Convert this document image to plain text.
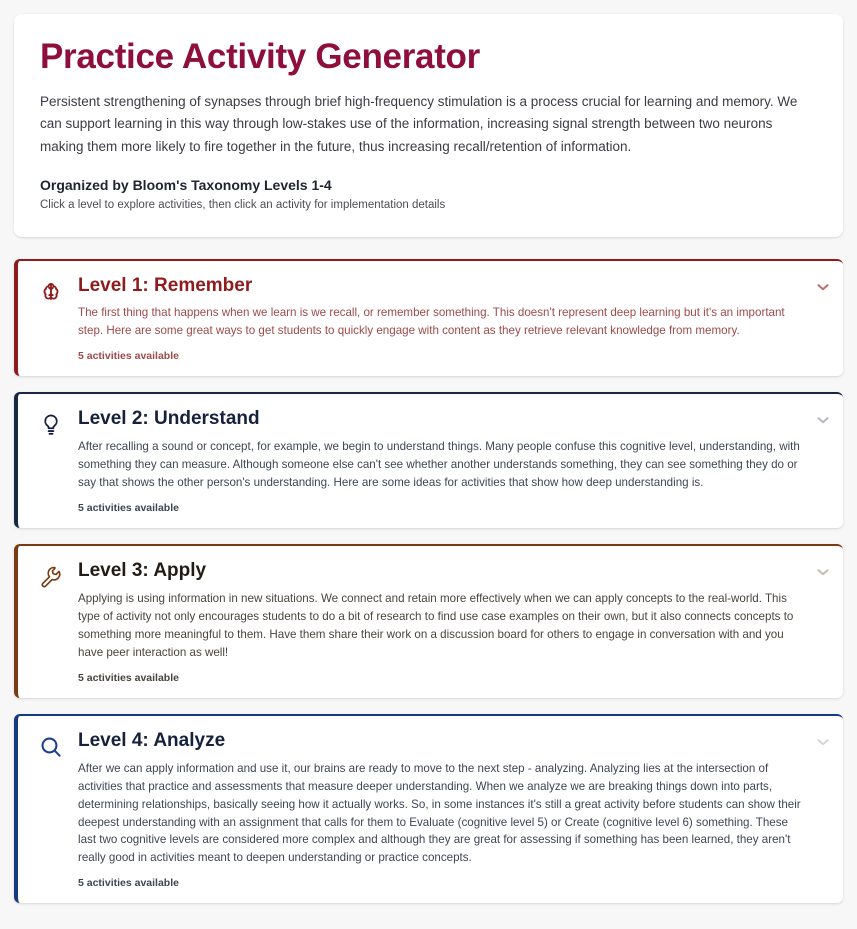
Practice Activity Generator

Persistent strengthening of synapses through brief high-frequency stimulation is a process crucial for learning and memory. We can support learning in this way through low-stakes use of the information, increasing signal strength between two neurons making them more likely to fire together in the future, thus increasing recall/retention of information.

Organized by Bloom's Taxonomy Levels 1-4
Click a level to explore activities, then click an activity for implementation details
Level 1: Remember
The first thing that happens when we learn is we recall, or remember something. This doesn't represent deep learning but it's an important step. Here are some great ways to get students to quickly engage with content as they retrieve relevant knowledge from memory.
5 activities available
Level 2: Understand
After recalling a sound or concept, for example, we begin to understand things. Many people confuse this cognitive level, understanding, with something they can measure. Although someone else can't see whether another understands something, they can see something they do or say that shows the other person's understanding. Here are some ideas for activities that show how deep understanding is.
5 activities available
Level 3: Apply
Applying is using information in new situations. We connect and retain more effectively when we can apply concepts to the real-world. This type of activity not only encourages students to do a bit of research to find use case examples on their own, but it also connects concepts to something more meaningful to them. Have them share their work on a discussion board for others to engage in conversation with and you have peer interaction as well!
5 activities available
Level 4: Analyze
After we can apply information and use it, our brains are ready to move to the next step - analyzing. Analyzing lies at the intersection of activities that practice and assessments that measure deeper understanding. When we analyze we are breaking things down into parts, determining relationships, basically seeing how it actually works. So, in some instances it's still a great activity before students can show their deepest understanding with an assignment that calls for them to Evaluate (cognitive level 5) or Create (cognitive level 6) something. These last two cognitive levels are considered more complex and although they are great for assessing if something has been learned, they aren't really good in activities meant to deepen understanding or practice concepts.
5 activities available
